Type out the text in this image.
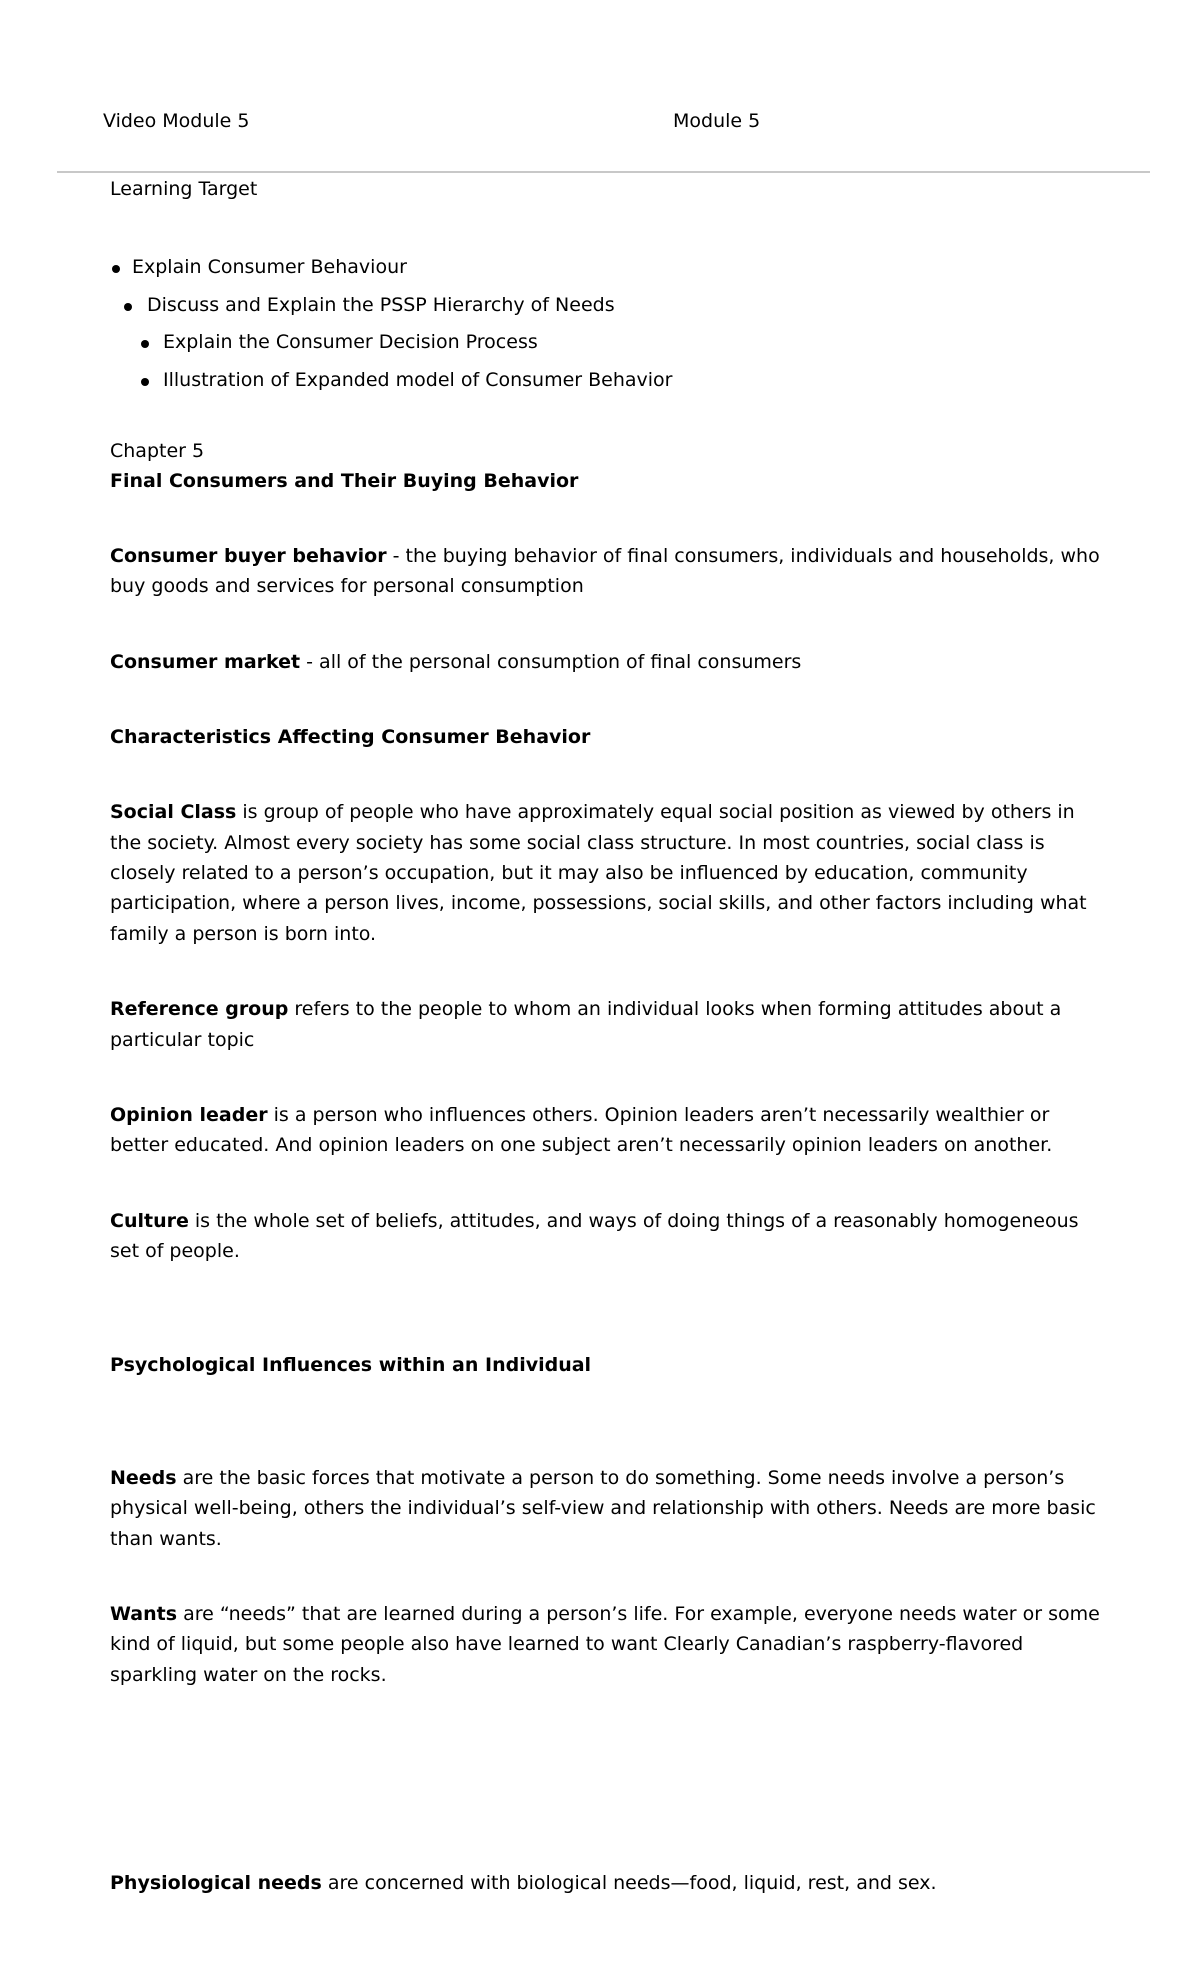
Video Module 5	Module 5

Learning Target

Explain Consumer Behaviour
Discuss and Explain the PSSP Hierarchy of Needs
Explain the Consumer Decision Process
Illustration of Expanded model of Consumer Behavior

Chapter 5

Final Consumers and Their Buying Behavior

Consumer buyer behavior - the buying behavior of final consumers, individuals and households, who buy goods and services for personal consumption

Consumer market - all of the personal consumption of final consumers

Characteristics Affecting Consumer Behavior

Social Class is group of people who have approximately equal social position as viewed by others in the society. Almost every society has some social class structure. In most countries, social class is closely related to a person’s occupation, but it may also be influenced by education, community participation, where a person lives, income, possessions, social skills, and other factors including what family a person is born into.

Reference group refers to the people to whom an individual looks when forming attitudes about a particular topic

Opinion leader is a person who influences others. Opinion leaders aren’t necessarily wealthier or better educated. And opinion leaders on one subject aren’t necessarily opinion leaders on another.

Culture is the whole set of beliefs, attitudes, and ways of doing things of a reasonably homogeneous set of people.

Psychological Influences within an Individual

Needs are the basic forces that motivate a person to do something. Some needs involve a person’s physical well-being, others the individual’s self-view and relationship with others. Needs are more basic than wants.

Wants are “needs” that are learned during a person’s life. For example, everyone needs water or some kind of liquid, but some people also have learned to want Clearly Canadian’s raspberry-flavored sparkling water on the rocks.

Physiological needs are concerned with biological needs—food, liquid, rest, and sex.
